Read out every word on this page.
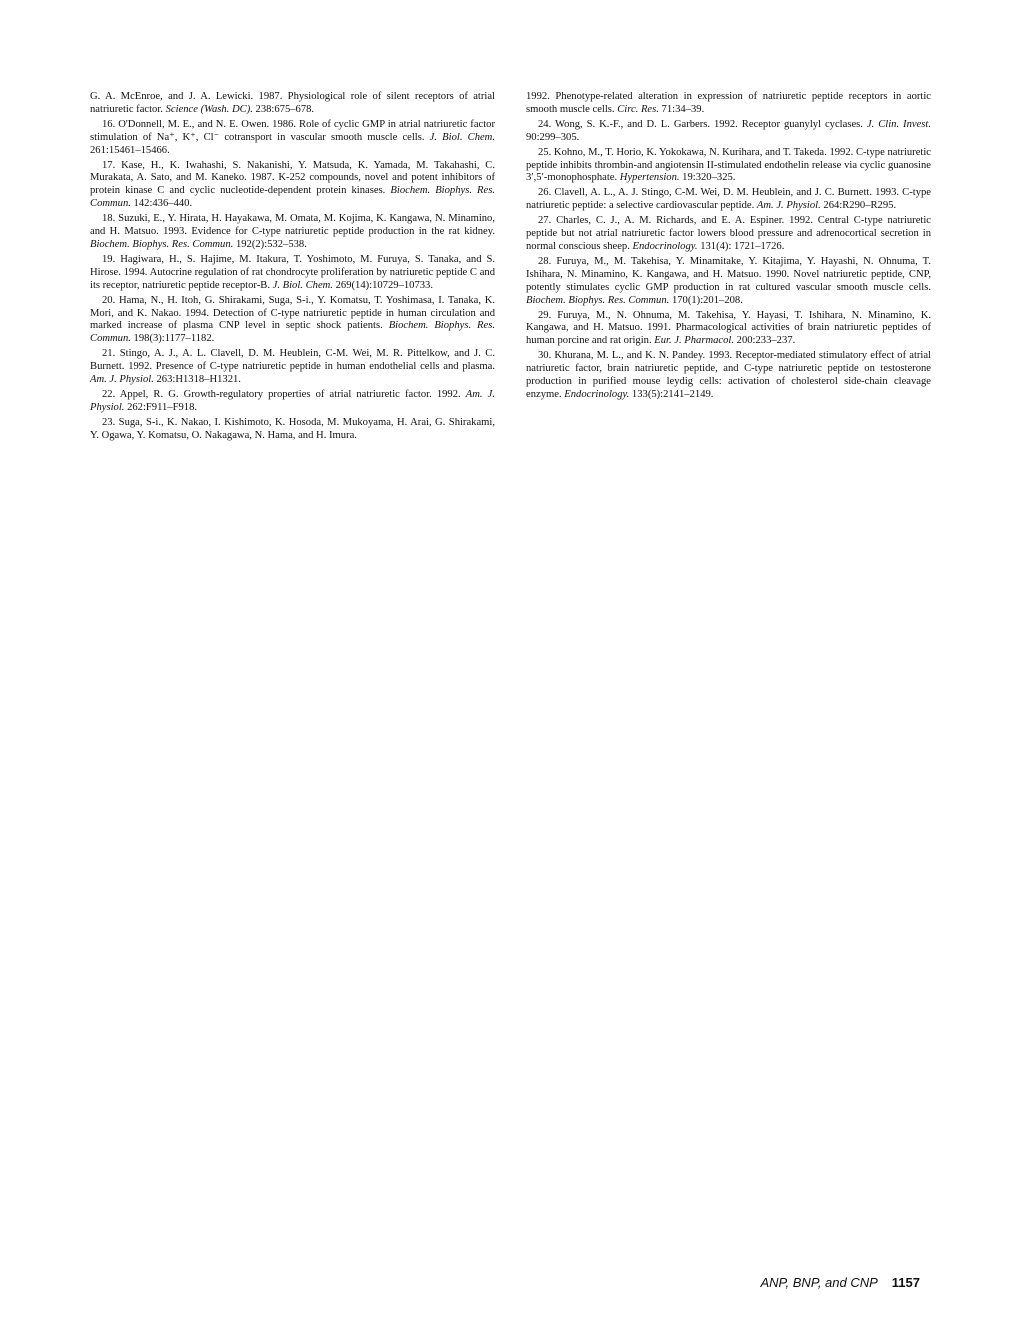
G. A. McEnroe, and J. A. Lewicki. 1987. Physiological role of silent receptors of atrial natriuretic factor. Science (Wash. DC). 238:675–678.

16. O'Donnell, M. E., and N. E. Owen. 1986. Role of cyclic GMP in atrial natriuretic factor stimulation of Na⁺, K⁺, Cl⁻ cotransport in vascular smooth muscle cells. J. Biol. Chem. 261:15461–15466.

17. Kase, H., K. Iwahashi, S. Nakanishi, Y. Matsuda, K. Yamada, M. Takahashi, C. Murakata, A. Sato, and M. Kaneko. 1987. K-252 compounds, novel and potent inhibitors of protein kinase C and cyclic nucleotide-dependent protein kinases. Biochem. Biophys. Res. Commun. 142:436–440.

18. Suzuki, E., Y. Hirata, H. Hayakawa, M. Omata, M. Kojima, K. Kangawa, N. Minamino, and H. Matsuo. 1993. Evidence for C-type natriuretic peptide production in the rat kidney. Biochem. Biophys. Res. Commun. 192(2):532–538.

19. Hagiwara, H., S. Hajime, M. Itakura, T. Yoshimoto, M. Furuya, S. Tanaka, and S. Hirose. 1994. Autocrine regulation of rat chondrocyte proliferation by natriuretic peptide C and its receptor, natriuretic peptide receptor-B. J. Biol. Chem. 269(14):10729–10733.

20. Hama, N., H. Itoh, G. Shirakami, Suga, S-i., Y. Komatsu, T. Yoshimasa, I. Tanaka, K. Mori, and K. Nakao. 1994. Detection of C-type natriuretic peptide in human circulation and marked increase of plasma CNP level in septic shock patients. Biochem. Biophys. Res. Commun. 198(3):1177–1182.

21. Stingo, A. J., A. L. Clavell, D. M. Heublein, C-M. Wei, M. R. Pittelkow, and J. C. Burnett. 1992. Presence of C-type natriuretic peptide in human endothelial cells and plasma. Am. J. Physiol. 263:H1318–H1321.

22. Appel, R. G. Growth-regulatory properties of atrial natriuretic factor. 1992. Am. J. Physiol. 262:F911–F918.

23. Suga, S-i., K. Nakao, I. Kishimoto, K. Hosoda, M. Mukoyama, H. Arai, G. Shirakami, Y. Ogawa, Y. Komatsu, O. Nakagawa, N. Hama, and H. Imura.

1992. Phenotype-related alteration in expression of natriuretic peptide receptors in aortic smooth muscle cells. Circ. Res. 71:34–39.

24. Wong, S. K.-F., and D. L. Garbers. 1992. Receptor guanylyl cyclases. J. Clin. Invest. 90:299–305.

25. Kohno, M., T. Horio, K. Yokokawa, N. Kurihara, and T. Takeda. 1992. C-type natriuretic peptide inhibits thrombin-and angiotensin II-stimulated endothelin release via cyclic guanosine 3′,5′-monophosphate. Hypertension. 19:320–325.

26. Clavell, A. L., A. J. Stingo, C-M. Wei, D. M. Heublein, and J. C. Burnett. 1993. C-type natriuretic peptide: a selective cardiovascular peptide. Am. J. Physiol. 264:R290–R295.

27. Charles, C. J., A. M. Richards, and E. A. Espiner. 1992. Central C-type natriuretic peptide but not atrial natriuretic factor lowers blood pressure and adrenocortical secretion in normal conscious sheep. Endocrinology. 131(4): 1721–1726.

28. Furuya, M., M. Takehisa, Y. Minamitake, Y. Kitajima, Y. Hayashi, N. Ohnuma, T. Ishihara, N. Minamino, K. Kangawa, and H. Matsuo. 1990. Novel natriuretic peptide, CNP, potently stimulates cyclic GMP production in rat cultured vascular smooth muscle cells. Biochem. Biophys. Res. Commun. 170(1):201–208.

29. Furuya, M., N. Ohnuma, M. Takehisa, Y. Hayasi, T. Ishihara, N. Minamino, K. Kangawa, and H. Matsuo. 1991. Pharmacological activities of brain natriuretic peptides of human porcine and rat origin. Eur. J. Pharmacol. 200:233–237.

30. Khurana, M. L., and K. N. Pandey. 1993. Receptor-mediated stimulatory effect of atrial natriuretic factor, brain natriuretic peptide, and C-type natriuretic peptide on testosterone production in purified mouse leydig cells: activation of cholesterol side-chain cleavage enzyme. Endocrinology. 133(5):2141–2149.

ANP, BNP, and CNP 1157
